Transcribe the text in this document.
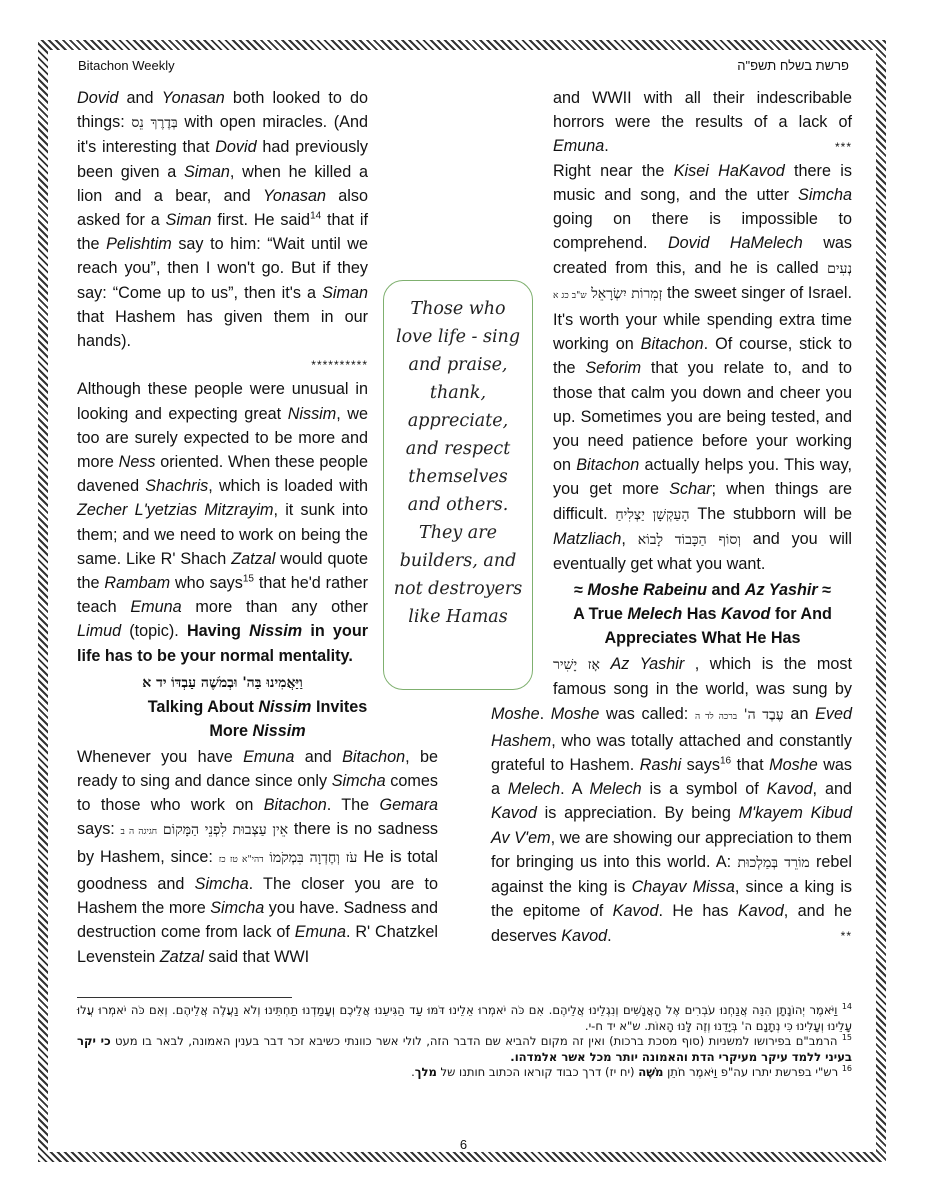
Bitachon Weekly	פרשת בשלח תשפ"ה

Dovid and Yonasan both looked to do things: בְּדֶרֶךְ נֵס with open miracles. (And it's interesting that Dovid had previously been given a Siman, when he killed a lion and a bear, and Yonasan also asked for a Siman first. He said$^{14}$ that if the Pelishtim say to him: “Wait until we reach you”, then I won't go. But if they say: “Come up to us”, then it's a Siman that Hashem has given them in our hands).

**********

Although these people were unusual in looking and expecting great Nissim, we too are surely expected to be more and more Ness oriented. When these people davened Shachris, which is loaded with Zecher L'yetzias Mitzrayim, it sunk into them; and we need to work on being the same. Like R' Shach Zatzal would quote the Rambam who says$^{15}$ that he'd rather teach Emuna more than any other Limud (topic). Having Nissim in your life has to be your normal mentality.

וַיַּאֲמִינוּ בַּה' וּבְמֹשֶׁה עַבְדּוֹ יד א
Talking About Nissim Invites
More Nissim

Whenever you have Emuna and Bitachon, be ready to sing and dance since only Simcha comes to those who work on Bitachon. The Gemara says:	אֵין עַצְבוּת לִפְנֵי הַמָּקוֹם חגיגה ה ב	there is no sadness by Hashem, since:	עֹז וְחֶדְוָה בִּמְקֹמוֹ דהי"א טז כז	He is total goodness and Simcha. The closer you are to Hashem the more Simcha you have. Sadness and destruction come from lack of Emuna. R' Chatzkel Levenstein Zatzal said that WWI

Those who love life - sing and praise, thank, appreciate, and respect themselves and others. They are builders, and not destroyers like Hamas

and WWII with all their indescribable horrors were the results of a lack of Emuna.	***

Right near the Kisei HaKavod there is music and song, and the utter Simcha going on there is impossible to comprehend. Dovid HaMelech was created from this, and he is called נְעִים זְמִרוֹת יִשְׂרָאֵל ש"ב כג א	the sweet singer of Israel. It's worth your while spending extra time working on Bitachon. Of course, stick to the Seforim that you relate to, and to those that calm you down and cheer you up. Sometimes you are being tested, and you need patience before your working on Bitachon actually helps you. This way, you get more Schar; when things are difficult. הָעַקְשָׁן יַצְלִיחַ The stubborn will be Matzliach, וְסוֹף הַכָּבוֹד לָבוֹא and you will eventually get what you want.

≈ Moshe Rabeinu and Az Yashir ≈
A True Melech Has Kavod for And
Appreciates What He Has

אָז יָשִׁיר Az Yashir , which is the most famous song in the world, was sung by Moshe. Moshe was called:	עֶבֶד ה' ברכה לד ה	an Eved Hashem, who was totally attached and constantly grateful to Hashem. Rashi says$^{16}$ that Moshe was a Melech. A Melech is a symbol of Kavod, and Kavod is appreciation. By being M'kayem Kibud Av V'em, we are showing our appreciation to them for bringing us into this world. A: מוֹרֵד בְּמַלְכוּת rebel against the king is Chayav Missa, since a king is the epitome of Kavod. He has Kavod, and he deserves Kavod.	**

$^{14}$ וַיֹּאמֶר יְהוֹנָתָן הִנֵּה אֲנַחְנוּ עֹבְרִים אֶל הָאֲנָשִׁים וְנִגְלֵינוּ אֲלֵיהֶם. אִם כֹּה יֹאמְרוּ אֵלֵינוּ דֹּמּוּ עַד הַגִּיעֵנוּ אֲלֵיכֶם וְעָמַדְנוּ תַחְתֵּינוּ וְלֹא נַעֲלֶה אֲלֵיהֶם. וְאִם כֹּה יֹאמְרוּ עֲלוּ עָלֵינוּ וְעָלִינוּ כִּי נְתָנָם ה' בְּיָדֵנוּ וְזֶה לָּנוּ הָאוֹת. ש"א יד ח-י.

$^{15}$ הרמב"ם בפירושו למשניות (סוף מסכת ברכות) ואין זה מקום להביא שם הדבר הזה, לולי אשר כוונתי כשיבא זכר דבר בענין האמונה, לבאר בו מעט כי יקר בעיני ללמד עיקר מעיקרי הדת והאמונה יותר מכל אשר אלמדהו.

$^{16}$ רש"י בפרשת יתרו עה"פ וַיֹּאמֶר חֹתֵן מֹשֶׁה (יח יז) דרך כבוד קוראו הכתוב חותנו של מלך.

6
